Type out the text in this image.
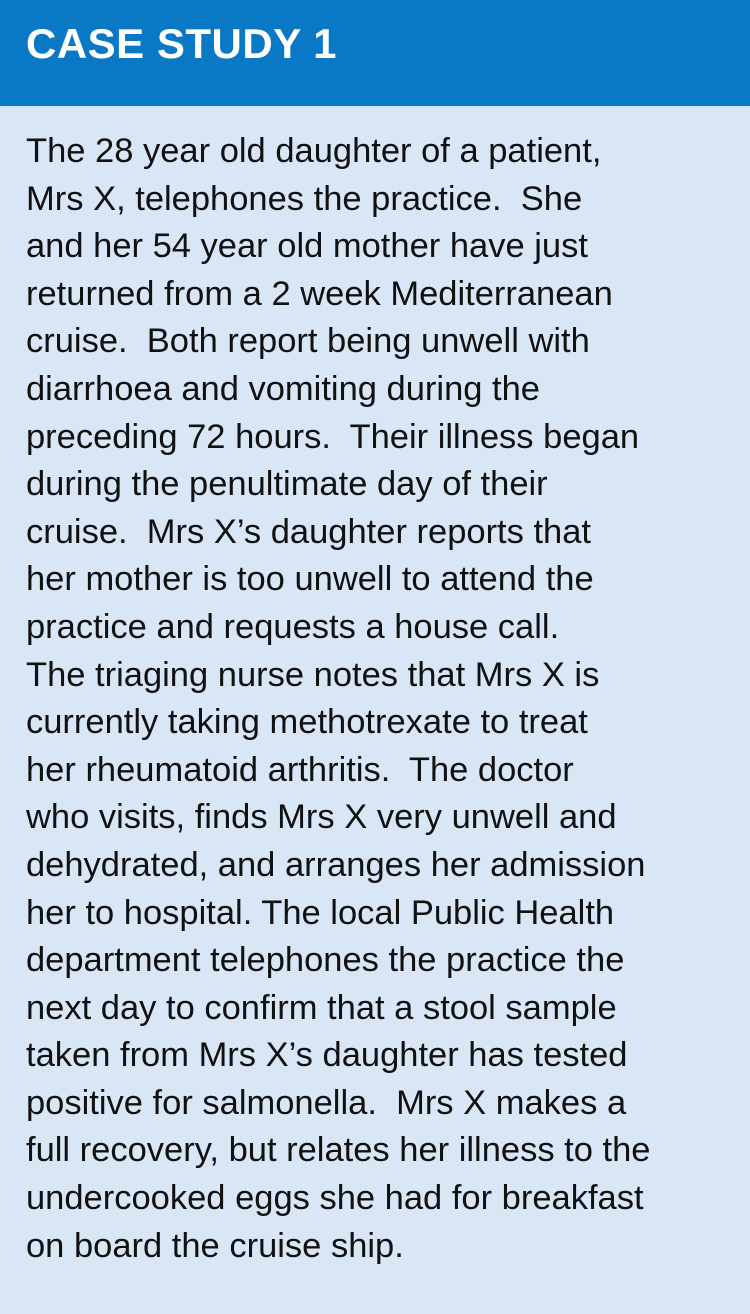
CASE STUDY 1
The 28 year old daughter of a patient,
Mrs X, telephones the practice.  She
and her 54 year old mother have just
returned from a 2 week Mediterranean
cruise.  Both report being unwell with
diarrhoea and vomiting during the
preceding 72 hours.  Their illness began
during the penultimate day of their
cruise.  Mrs X’s daughter reports that
her mother is too unwell to attend the
practice and requests a house call.
The triaging nurse notes that Mrs X is
currently taking methotrexate to treat
her rheumatoid arthritis.  The doctor
who visits, finds Mrs X very unwell and
dehydrated, and arranges her admission
her to hospital. The local Public Health
department telephones the practice the
next day to confirm that a stool sample
taken from Mrs X’s daughter has tested
positive for salmonella.  Mrs X makes a
full recovery, but relates her illness to the
undercooked eggs she had for breakfast
on board the cruise ship.
